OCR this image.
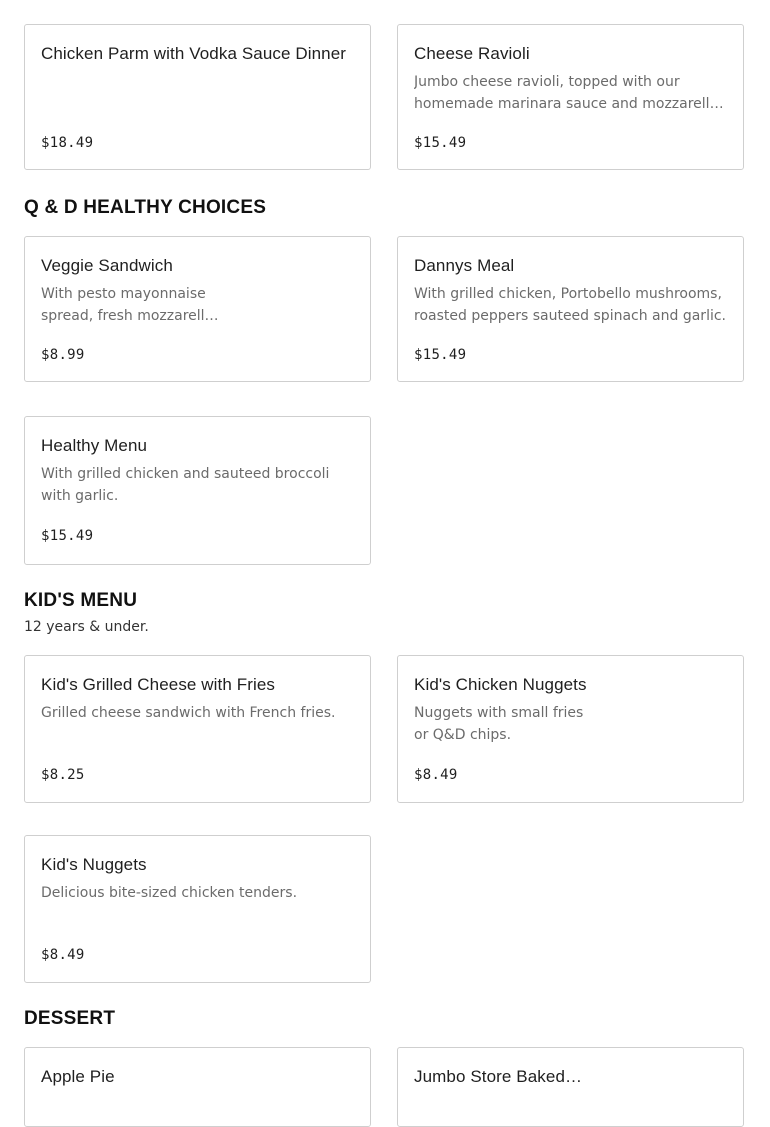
Chicken Parm with Vodka Sauce Dinner
$18.49
Cheese Ravioli
Jumbo cheese ravioli, topped with our homemade marinara sauce and mozzarella
$15.49
Q & D HEALTHY CHOICES
Veggie Sandwich
With pesto mayonnaise spread, fresh mozzarella
$8.99
Dannys Meal
With grilled chicken, Portobello mushrooms, roasted peppers sauteed spinach and garlic.
$15.49
Healthy Menu
With grilled chicken and sauteed broccoli with garlic.
$15.49
KID'S MENU
12 years & under.
Kid's Grilled Cheese with Fries
Grilled cheese sandwich with French fries.
$8.25
Kid's Chicken Nuggets
Nuggets with small fries or Q&D chips.
$8.49
Kid's Nuggets
Delicious bite-sized chicken tenders.
$8.49
DESSERT
Apple Pie	Jumbo Store Baked…
